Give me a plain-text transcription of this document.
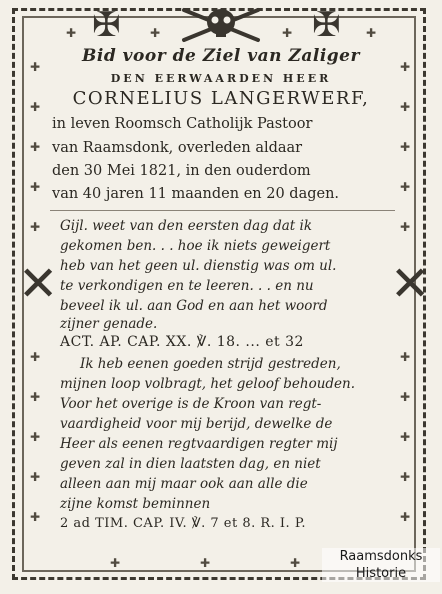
✠	✠
✚	✚	✚	✚
✚
✚
✚
✚
✚
✚
✚
✚
✚
✚
✚
✚
✚
✚
✚
✚
✚
✚
✚
✚
✚	✚	✚
✕	✕
Bid voor de Ziel van Zaliger
DEN EERWAARDEN HEER
CORNELIUS LANGERWERF,
in leven Roomsch Catholijk Pastoor
van Raamsdonk, overleden aldaar
den 30 Mei 1821, in den ouderdom
van 40 jaren 11 maanden en 20 dagen.
Gijl. weet van den eersten dag dat ik
gekomen ben. . . hoe ik niets geweigert
heb van het geen ul. dienstig was om ul.
te verkondigen en te leeren. . . en nu
beveel ik ul. aan God en aan het woord
zijner genade.
ACT. AP. CAP. XX. ℣. 18. ... et 32
Ik heb eenen goeden strijd gestreden,
mijnen loop volbragt, het geloof behouden.
Voor het overige is de Kroon van regt-
vaardigheid voor mij berijd, dewelke de
Heer als eenen regtvaardigen regter mij
geven zal in dien laatsten dag, en niet
alleen aan mij maar ook aan alle die
zijne komst beminnen
2 ad TIM. CAP. IV. ℣. 7 et 8. R. I. P.
Raamsdonks
Historie
